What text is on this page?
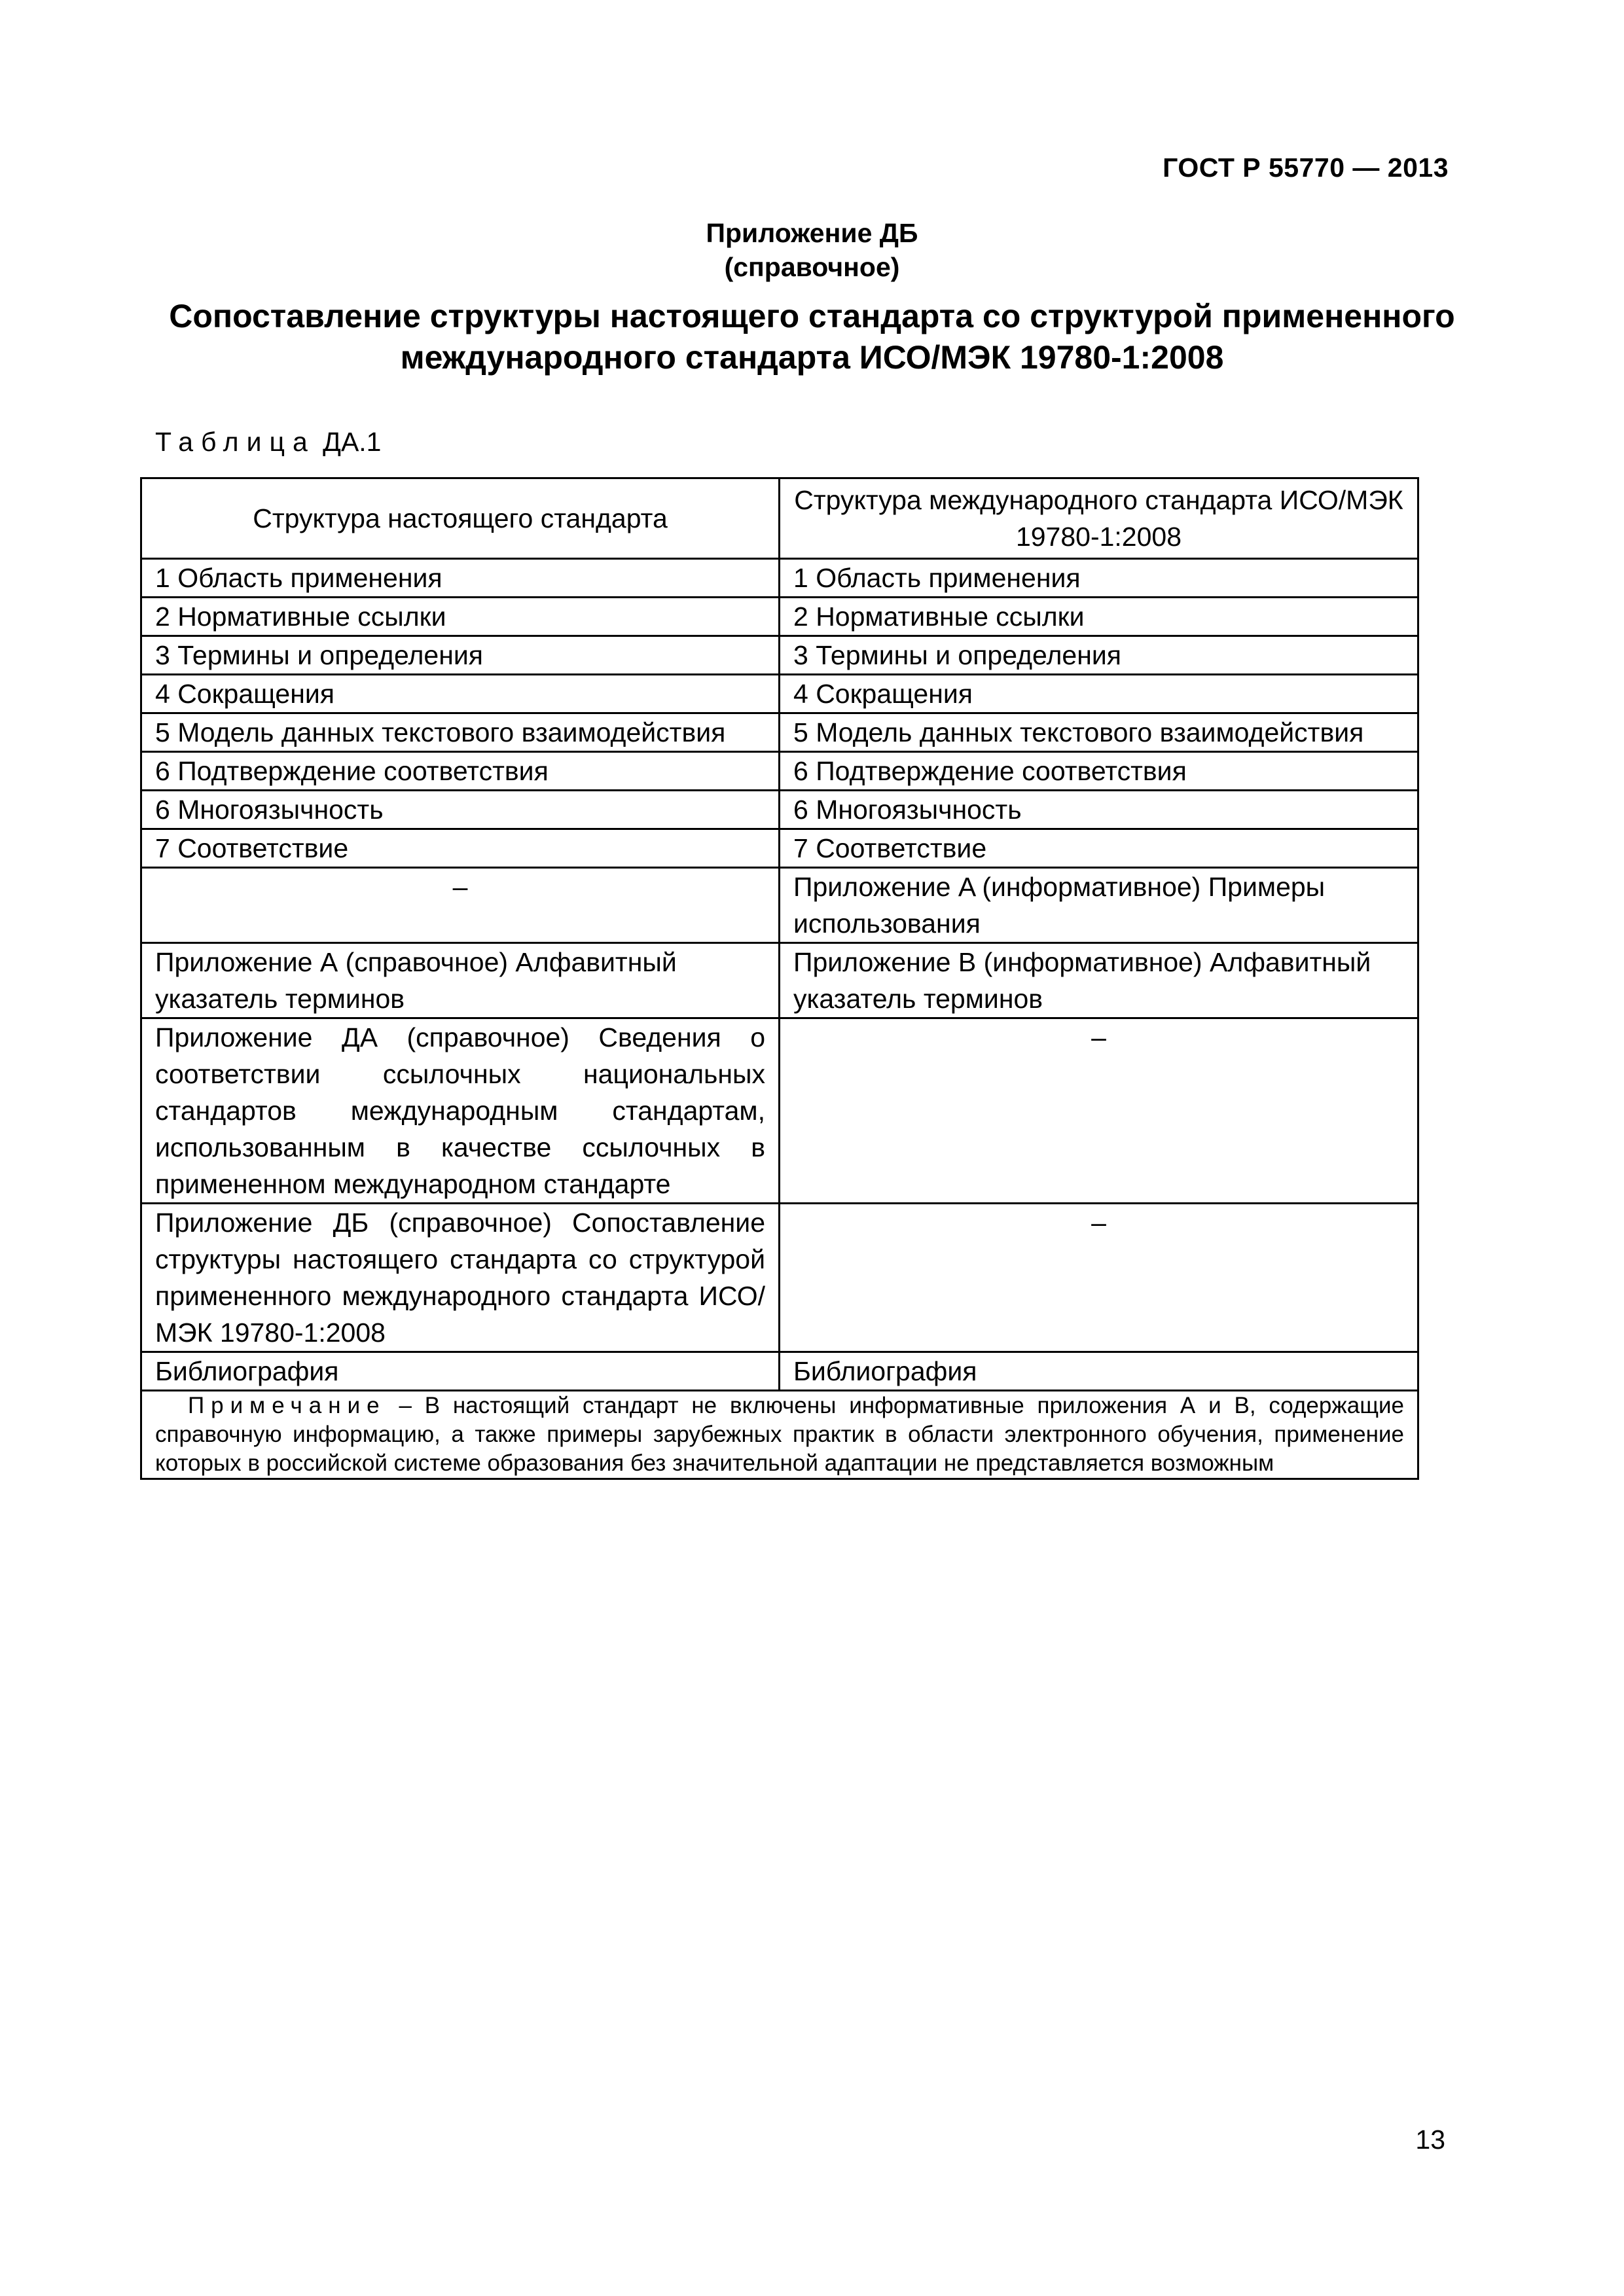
ГОСТ Р 55770 — 2013
Приложение ДБ
(справочное)
Сопоставление структуры настоящего стандарта со структурой примененного
международного стандарта ИСО/МЭК 19780-1:2008
Таблица ДА.1
Структура настоящего стандарта	Структура международного стандарта ИСО/МЭК 19780-1:2008
1 Область применения	1 Область применения
2 Нормативные ссылки	2 Нормативные ссылки
3 Термины и определения	3 Термины и определения
4 Сокращения	4 Сокращения
5 Модель данных текстового взаимодействия	5 Модель данных текстового взаимодействия
6 Подтверждение соответствия	6 Подтверждение соответствия
6 Многоязычность	6 Многоязычность
7 Соответствие	7 Соответствие
–	Приложение A (информативное) Примеры использования
Приложение А (справочное) Алфавитный указатель терминов	Приложение B (информативное) Алфавитный указатель терминов
Приложение ДА (справочное) Сведения о соответствии ссылочных национальных стандартов международным стандартам, использованным в качестве ссылочных в примененном международном стандарте	–
Приложение ДБ (справочное) Сопоставление структуры настоящего стандарта со структурой примененного международного стандарта ИСО/МЭК 19780-1:2008	–
Библиография	Библиография
Примечание – В настоящий стандарт не включены информативные приложения А и В, содержащие справочную информацию, а также примеры зарубежных практик в области электронного обучения, применение которых в российской системе образования без значительной адаптации не представляется возможным	
13
